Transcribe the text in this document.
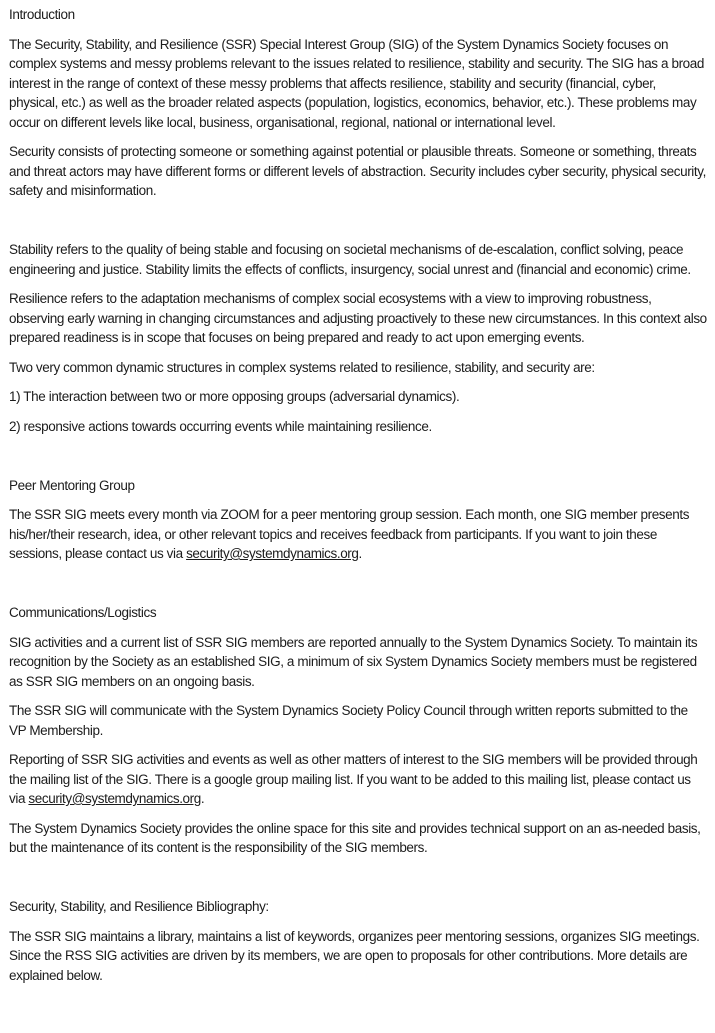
Introduction

The Security, Stability, and Resilience (SSR) Special Interest Group (SIG) of the System Dynamics Society focuses on complex systems and messy problems relevant to the issues related to resilience, stability and security. The SIG has a broad interest in the range of context of these messy problems that affects resilience, stability and security (financial, cyber, physical, etc.) as well as the broader related aspects (population, logistics, economics, behavior, etc.). These problems may occur on different levels like local, business, organisational, regional, national or international level.

Security consists of protecting someone or something against potential or plausible threats. Someone or something, threats and threat actors may have different forms or different levels of abstraction. Security includes cyber security, physical security, safety and misinformation.

Stability refers to the quality of being stable and focusing on societal mechanisms of de-escalation, conflict solving, peace engineering and justice. Stability limits the effects of conflicts, insurgency, social unrest and (financial and economic) crime.

Resilience refers to the adaptation mechanisms of complex social ecosystems with a view to improving robustness, observing early warning in changing circumstances and adjusting proactively to these new circumstances. In this context also prepared readiness is in scope that focuses on being prepared and ready to act upon emerging events.

Two very common dynamic structures in complex systems related to resilience, stability, and security are:

1) The interaction between two or more opposing groups (adversarial dynamics).

2) responsive actions towards occurring events while maintaining resilience.

Peer Mentoring Group

The SSR SIG meets every month via ZOOM for a peer mentoring group session. Each month, one SIG member presents his/her/their research, idea, or other relevant topics and receives feedback from participants. If you want to join these sessions, please contact us via security@systemdynamics.org.

Communications/Logistics

SIG activities and a current list of SSR SIG members are reported annually to the System Dynamics Society. To maintain its recognition by the Society as an established SIG, a minimum of six System Dynamics Society members must be registered as SSR SIG members on an ongoing basis.

The SSR SIG will communicate with the System Dynamics Society Policy Council through written reports submitted to the VP Membership.

Reporting of SSR SIG activities and events as well as other matters of interest to the SIG members will be provided through the mailing list of the SIG. There is a google group mailing list. If you want to be added to this mailing list, please contact us via security@systemdynamics.org.

The System Dynamics Society provides the online space for this site and provides technical support on an as-needed basis, but the maintenance of its content is the responsibility of the SIG members.

Security, Stability, and Resilience Bibliography:

The SSR SIG maintains a library, maintains a list of keywords, organizes peer mentoring sessions, organizes SIG meetings. Since the RSS SIG activities are driven by its members, we are open to proposals for other contributions. More details are explained below.
